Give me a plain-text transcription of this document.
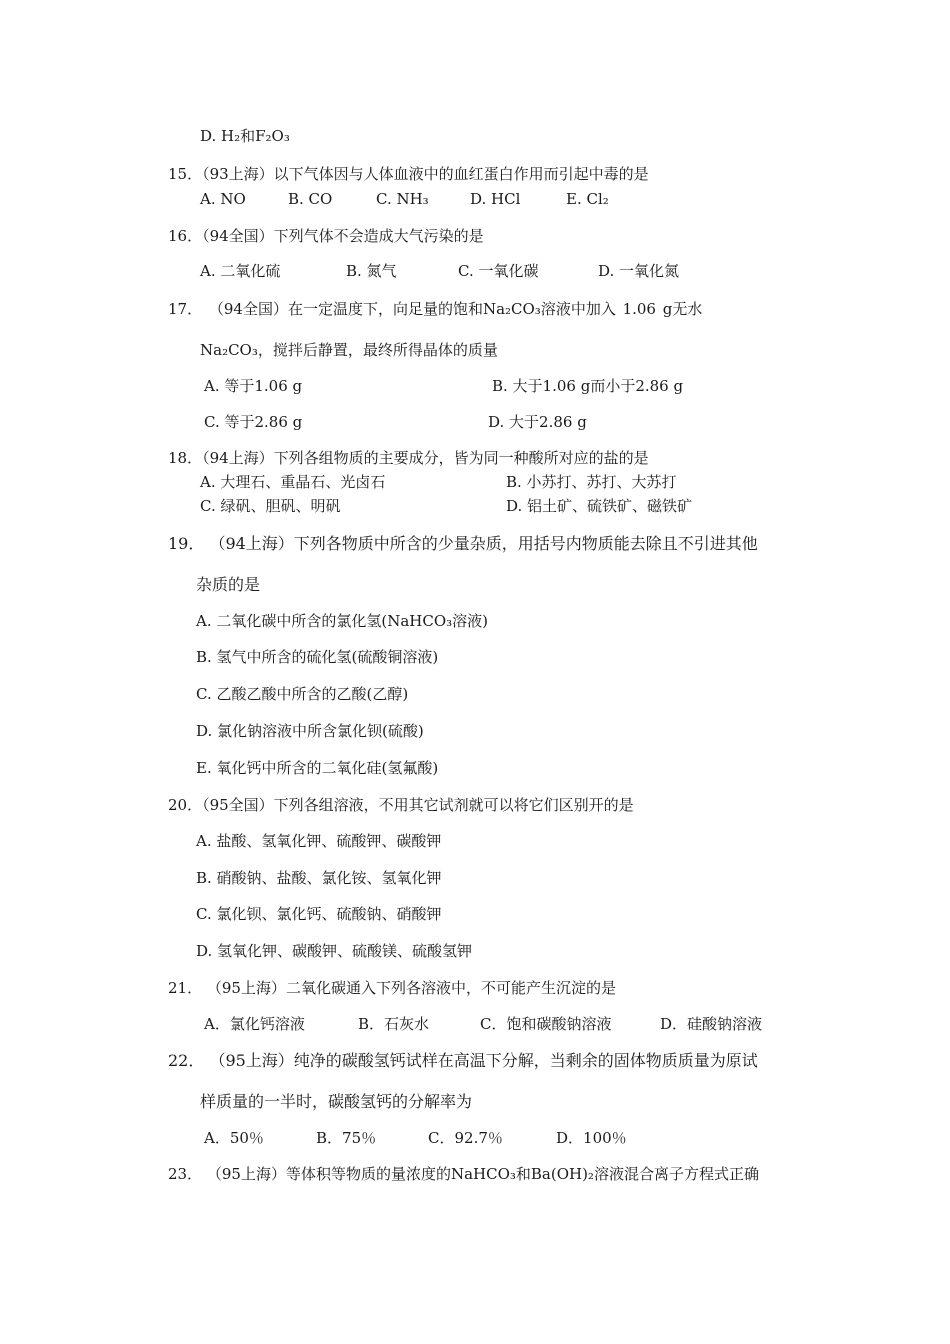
D. H₂和F₂O₃
15．（93上海）以下气体因与人体血液中的血红蛋白作用而引起中毒的是
A. NO	B. CO	C. NH₃	D. HCl	E. Cl₂
16．（94全国）下列气体不会造成大气污染的是
A. 二氧化硫	B. 氮气	C. 一氧化碳	D. 一氧化氮
17． （94全国）在一定温度下，向足量的饱和Na₂CO₃溶液中加入 1.06 g无水
Na₂CO₃，搅拌后静置，最终所得晶体的质量
A. 等于1.06 g	B. 大于1.06 g而小于2.86 g
C. 等于2.86 g	D. 大于2.86 g
18．（94上海）下列各组物质的主要成分，皆为同一种酸所对应的盐的是
A. 大理石、重晶石、光卤石	B. 小苏打、苏打、大苏打
C. 绿矾、胆矾、明矾	D. 铝土矿、硫铁矿、磁铁矿
19． （94上海）下列各物质中所含的少量杂质，用括号内物质能去除且不引进其他
杂质的是
A. 二氧化碳中所含的氯化氢(NaHCO₃溶液)
B. 氢气中所含的硫化氢(硫酸铜溶液)
C. 乙酸乙酸中所含的乙酸(乙醇)
D. 氯化钠溶液中所含氯化钡(硫酸)
E. 氧化钙中所含的二氧化硅(氢氟酸)
20．（95全国）下列各组溶液，不用其它试剂就可以将它们区别开的是
A. 盐酸、氢氧化钾、硫酸钾、碳酸钾
B. 硝酸钠、盐酸、氯化铵、氢氧化钾
C. 氯化钡、氯化钙、硫酸钠、硝酸钾
D. 氢氧化钾、碳酸钾、硫酸镁、硫酸氢钾
21． （95上海）二氧化碳通入下列各溶液中，不可能产生沉淀的是
A．氯化钙溶液	B．石灰水	C．饱和碳酸钠溶液	D．硅酸钠溶液
22． （95上海）纯净的碳酸氢钙试样在高温下分解，当剩余的固体物质质量为原试
样质量的一半时，碳酸氢钙的分解率为
A．50％	B．75％	C．92.7％	D．100％
23． （95上海）等体积等物质的量浓度的NaHCO₃和Ba(OH)₂溶液混合离子方程式正确
